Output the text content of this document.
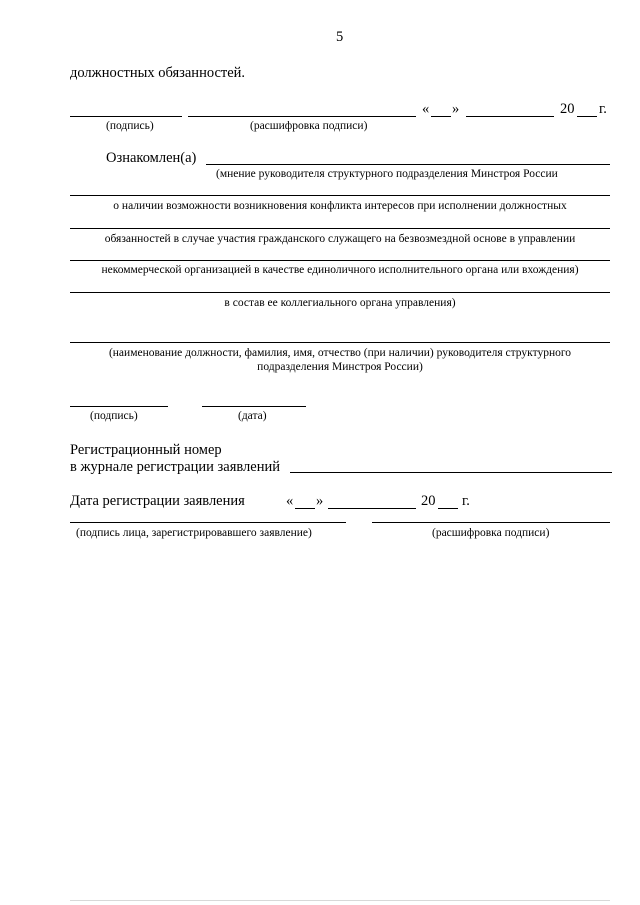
5
должностных обязанностей.
« »	20 г.
(подпись)	(расшифровка подписи)
Ознакомлен(а)
(мнение руководителя структурного подразделения Минстроя России
о наличии возможности возникновения конфликта интересов при исполнении должностных
обязанностей в случае участия гражданского служащего на безвозмездной основе в управлении
некоммерческой организацией в качестве единоличного исполнительного органа или вхождения)
в состав ее коллегиального органа управления)
(наименование должности, фамилия, имя, отчество (при наличии) руководителя структурного
подразделения Минстроя России)
(подпись)	(дата)
Регистрационный номер
в журнале регистрации заявлений
Дата регистрации заявления	« »	20 г.
(подпись лица, зарегистрировавшего заявление)	(расшифровка подписи)
